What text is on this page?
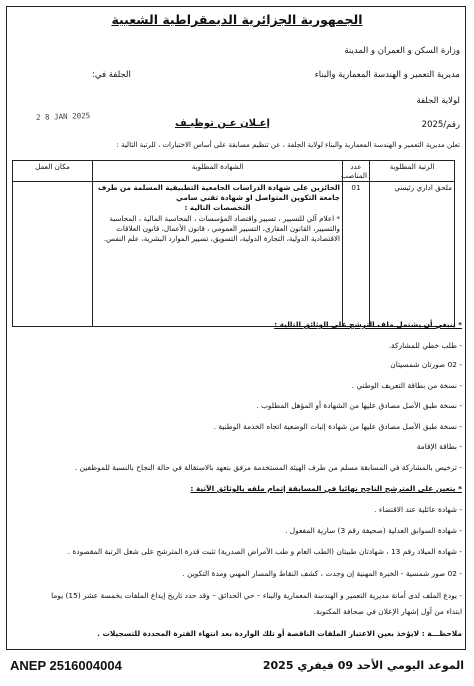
الجمهورية الجزائرية الديمقراطية الشعبية
وزارة السكن و العمران و المدينة
مديرية التعمير و الهندسة المعمارية والبناء
الجلفة في:
لولاية الجلفة
2 8 JAN 2025
رقم/2025
إعـلان عـن توظيـف
تعلن مديرية التعمير و الهندسة المعمارية والبناء لولاية الجلفة ، عن تنظيم مسابقة على أساس الاختبارات ، للرتبة التالية :
الرتبة المطلوبة	عدد المناصب	الشهادة المطلوبة	مكان العمل
ملحق اداري رئيسي	01	الحائزين على شهادة الدراسات الجامعية التطبيقية المسلمة من طرف جامعة التكوين المتواصل او شهادة تقني سامي
التخصصات التالية :
* اعلام آلي للتسيير ، تسيير واقتصاد المؤسسات ، المحاسبة المالية ، المحاسبة والتسيير، القانون العقاري، التسيير العمومي ، قانون الأعمال، قانون العلاقات الاقتصادية الدولية، التجارة الدولية، التسويق، تسيير الموارد البشرية، علم النفس.	

* ينبغي أن يشتمل ملف الترشح على الوثائق التالية :
- طلب خطي للمشاركة.
- 02 صورتان شمسيتان
- نسخة من بطاقة التعريف الوطني .
- نسخة طبق الأصل مصادق عليها من الشهادة أو المؤهل المطلوب .
- نسخة طبق الأصل مصادق عليها من شهادة إثبات الوضعية اتجاه الخدمة الوطنية .
- بطاقة الإقامة
- ترخيص بالمشاركة في المسابقة مسلم من طرف الهيئة المستخدمة مرفق بتعهد بالاستقالة في حالة النجاح بالنسبة للموظفين .
* يتعين على المترشح الناجح نهائيا في المسابقة إتمام ملفه بالوثائق الآتية :
- شهادة عائلية عند الاقتضاء .
- شهادة السوابق العدلية (صحيفة رقم 3) سارية المفعول .
- شهادة الميلاد رقم 13 ، شهادتان طبيتان (الطب العام و طب الأمراض الصدرية) تثبت قدرة المترشح على شغل الرتبة المقصودة .
- 02 صور شمسية - الخبرة المهنية إن وجدت ، كشف النقاط والمسار المهني ومدة التكوين .
- يودع الملف لدى أمانة مديرية التعمير و الهندسة المعمارية والبناء – حي الحدائق – وقد حدد تاريخ إيداع الملفات بخمسة عشر (15) يوما
ابتداء من أول إشهار الإعلان في صحافة المكتوبة.
ملاحظـــة : لايؤخذ بعين الاعتبار الملفات الناقصة أو تلك الواردة بعد انتهاء الفترة المحددة للتسجيلات .
ANEP 2516004004	الموعد اليومي الأحد 09 فيفري 2025
